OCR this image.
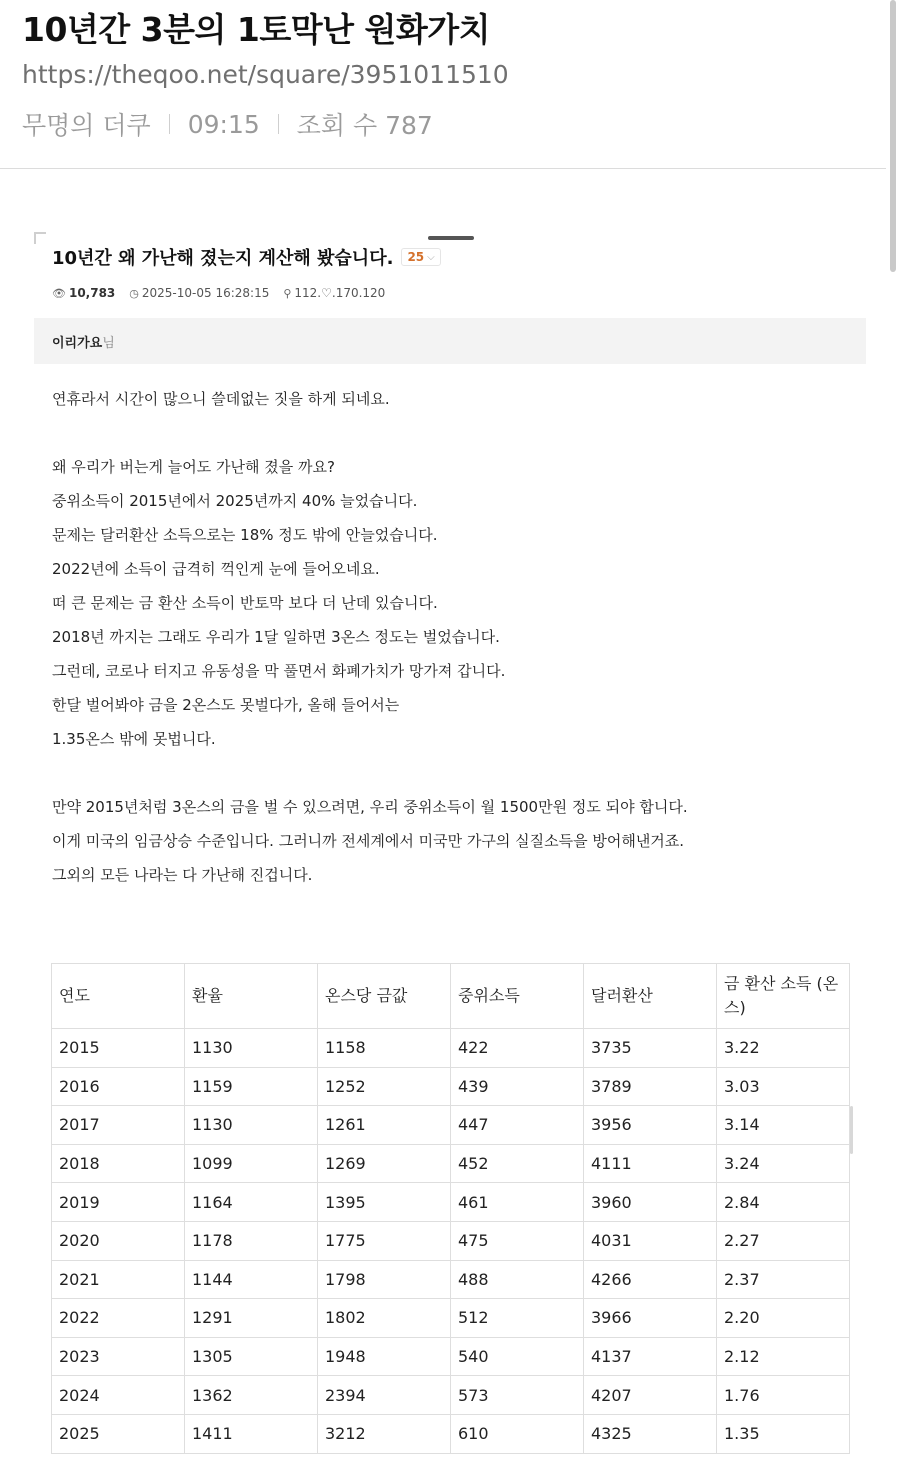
10년간 3분의 1토막난 원화가치
https://theqoo.net/square/3951011510
무명의 더쿠 09:15 조회 수 787
10년간 왜 가난해 졌는지 계산해 봤습니다. 25 ⌵
👁 10,783 ◷ 2025-10-05 16:28:15 ⚲ 112.♡.170.120
이리가요님
연휴라서 시간이 많으니 쓸데없는 짓을 하게 되네요.
왜 우리가 버는게 늘어도 가난해 졌을 까요?
중위소득이 2015년에서 2025년까지 40% 늘었습니다.
문제는 달러환산 소득으로는 18% 정도 밖에 안늘었습니다.
2022년에 소득이 급격히 꺽인게 눈에 들어오네요.
떠 큰 문제는 금 환산 소득이 반토막 보다 더 난데 있습니다.
2018년 까지는 그래도 우리가 1달 일하면 3온스 정도는 벌었습니다.
그런데, 코로나 터지고 유동성을 막 풀면서 화폐가치가 망가져 갑니다.
한달 벌어봐야 금을 2온스도 못벌다가, 올해 들어서는
1.35온스 밖에 못법니다.
만약 2015년처럼 3온스의 금을 벌 수 있으려면, 우리 중위소득이 월 1500만원 정도 되야 합니다.
이게 미국의 임금상승 수준입니다. 그러니까 전세계에서 미국만 가구의 실질소득을 방어해낸거죠.
그외의 모든 나라는 다 가난해 진겁니다.
연도	환율	온스당 금값	중위소득	달러환산	금 환산 소득 (온스)
2015	1130	1158	422	3735	3.22
2016	1159	1252	439	3789	3.03
2017	1130	1261	447	3956	3.14
2018	1099	1269	452	4111	3.24
2019	1164	1395	461	3960	2.84
2020	1178	1775	475	4031	2.27
2021	1144	1798	488	4266	2.37
2022	1291	1802	512	3966	2.20
2023	1305	1948	540	4137	2.12
2024	1362	2394	573	4207	1.76
2025	1411	3212	610	4325	1.35
